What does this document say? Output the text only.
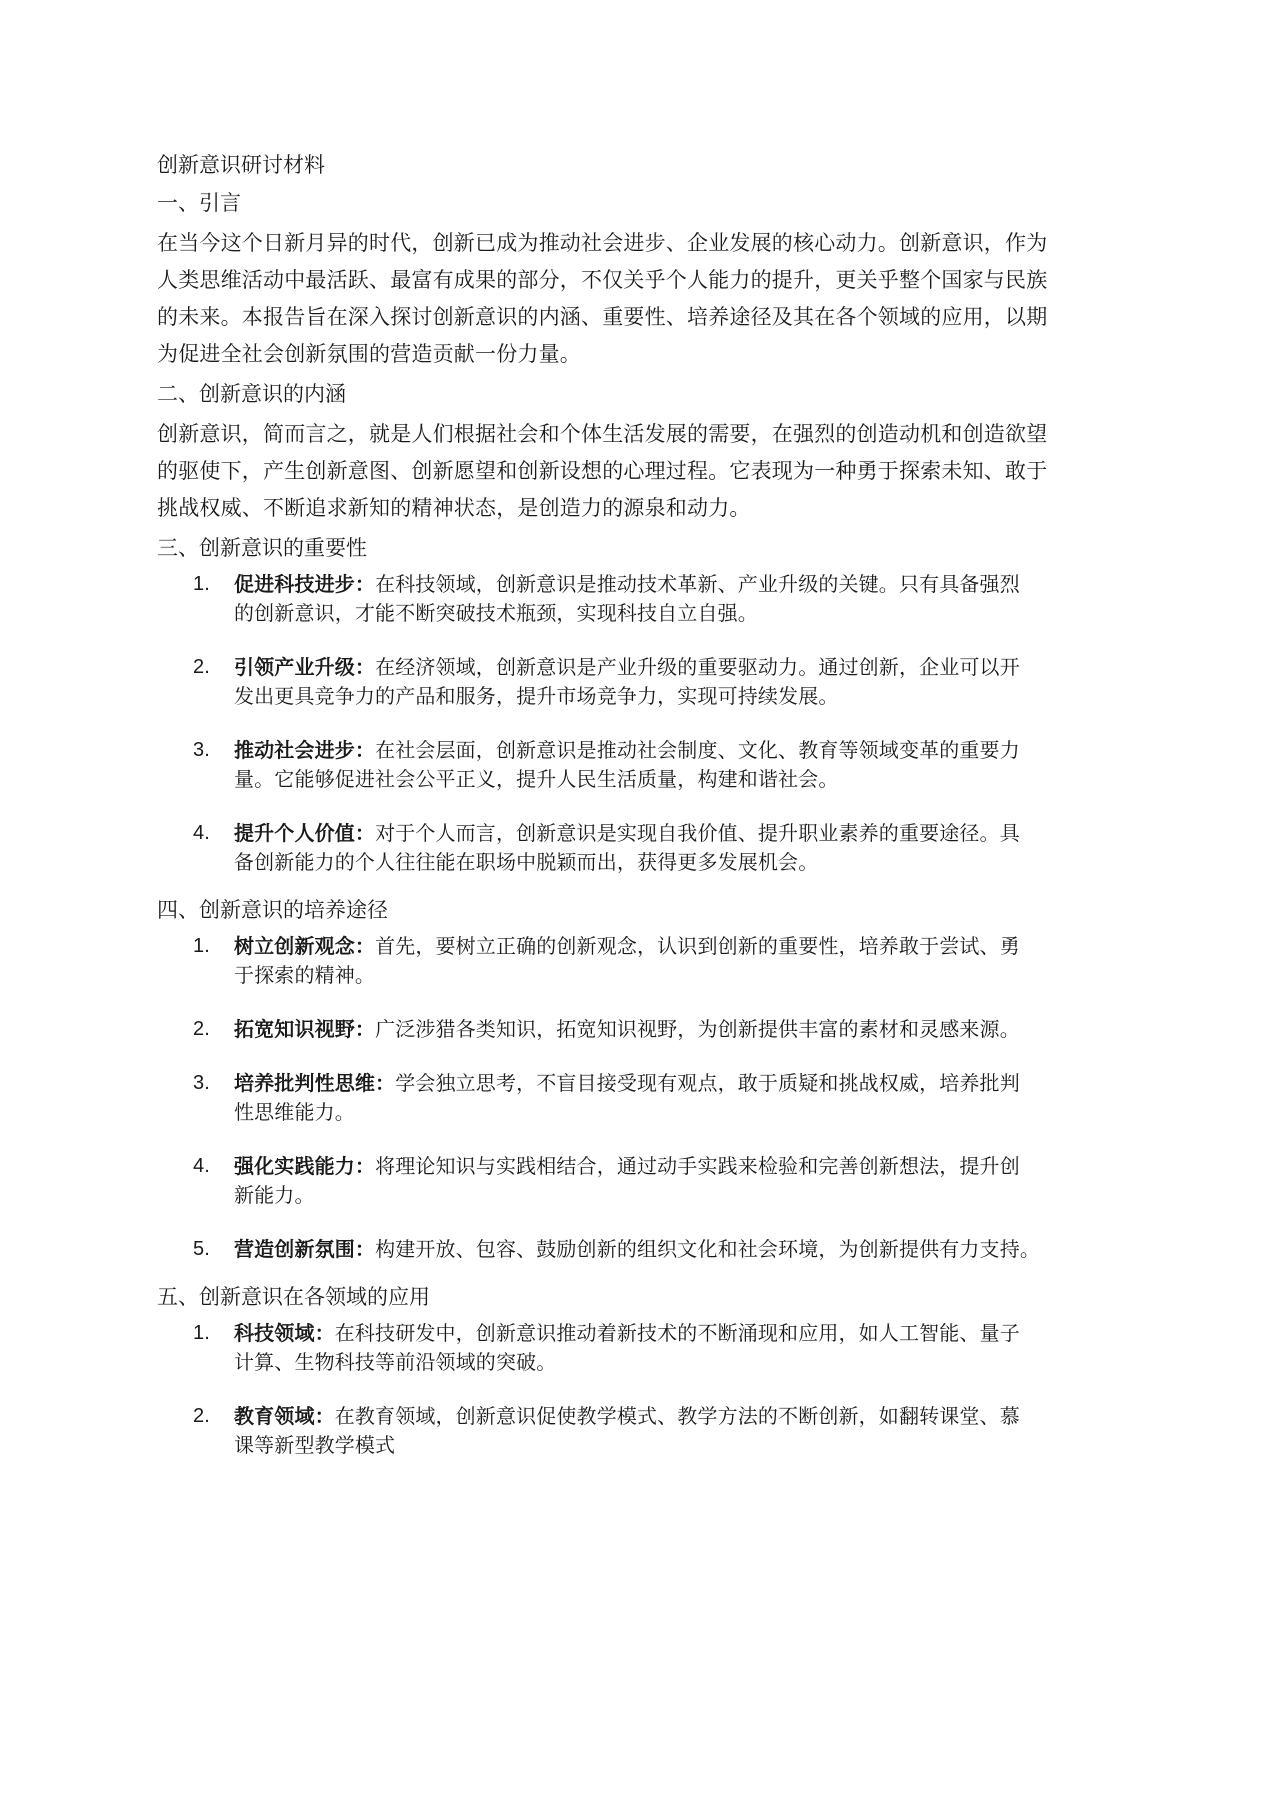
创新意识研讨材料
一、引言
在当今这个日新月异的时代，创新已成为推动社会进步、企业发展的核心动力。创新意识，作为
人类思维活动中最活跃、最富有成果的部分，不仅关乎个人能力的提升，更关乎整个国家与民族
的未来。本报告旨在深入探讨创新意识的内涵、重要性、培养途径及其在各个领域的应用，以期
为促进全社会创新氛围的营造贡献一份力量。
二、创新意识的内涵
创新意识，简而言之，就是人们根据社会和个体生活发展的需要，在强烈的创造动机和创造欲望
的驱使下，产生创新意图、创新愿望和创新设想的心理过程。它表现为一种勇于探索未知、敢于
挑战权威、不断追求新知的精神状态，是创造力的源泉和动力。
三、创新意识的重要性
1. 促进科技进步：在科技领域，创新意识是推动技术革新、产业升级的关键。只有具备强烈
的创新意识，才能不断突破技术瓶颈，实现科技自立自强。
2. 引领产业升级：在经济领域，创新意识是产业升级的重要驱动力。通过创新，企业可以开
发出更具竞争力的产品和服务，提升市场竞争力，实现可持续发展。
3. 推动社会进步：在社会层面，创新意识是推动社会制度、文化、教育等领域变革的重要力
量。它能够促进社会公平正义，提升人民生活质量，构建和谐社会。
4. 提升个人价值：对于个人而言，创新意识是实现自我价值、提升职业素养的重要途径。具
备创新能力的个人往往能在职场中脱颖而出，获得更多发展机会。
四、创新意识的培养途径
1. 树立创新观念：首先，要树立正确的创新观念，认识到创新的重要性，培养敢于尝试、勇
于探索的精神。
2. 拓宽知识视野：广泛涉猎各类知识，拓宽知识视野，为创新提供丰富的素材和灵感来源。
3. 培养批判性思维：学会独立思考，不盲目接受现有观点，敢于质疑和挑战权威，培养批判
性思维能力。
4. 强化实践能力：将理论知识与实践相结合，通过动手实践来检验和完善创新想法，提升创
新能力。
5. 营造创新氛围：构建开放、包容、鼓励创新的组织文化和社会环境，为创新提供有力支持。
五、创新意识在各领域的应用
1. 科技领域：在科技研发中，创新意识推动着新技术的不断涌现和应用，如人工智能、量子
计算、生物科技等前沿领域的突破。
2. 教育领域：在教育领域，创新意识促使教学模式、教学方法的不断创新，如翻转课堂、慕
课等新型教学模式
